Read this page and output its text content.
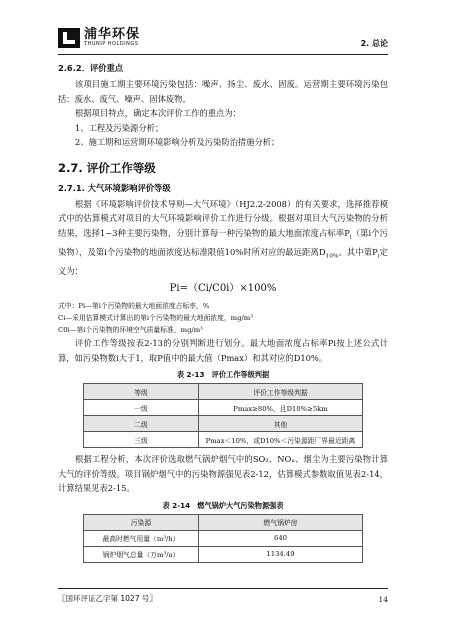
浦华环保
THUNIP HOLDINGS	2. 总论
2.6.2．评价重点

该项目施工期主要环境污染包括：噪声、扬尘、废水、固废。运营期主要环境污染包括：废水、废气、噪声、固体废物。

根据项目特点，确定本次评价工作的重点为：

1、工程及污染源分析；

2、施工期和运营期环境影响分析及污染防治措施分析；

2.7. 评价工作等级
2.7.1. 大气环境影响评价等级

根据《环境影响评价技术导则—大气环境》（HJ2.2-2008）的有关要求，选择推荐模式中的估算模式对项目的大气环境影响评价工作进行分级。根据对项目大气污染物的分析结果，选择1~3种主要污染物，分别计算每一种污染物的最大地面浓度占标率$P_i$（第i个污染物），及第i个污染物的地面浓度达标准限值10%时所对应的最远距离$D_{10\%}$。其中第$P_i$定义为：

Pi=（Ci/C0i）×100%

式中：Pi—第i个污染物的最大地面浓度占标率，%

Ci—采用估算模式计算出的第i个污染物的最大地面浓度，mg/m³

C0i—第i个污染物的环境空气质量标准，mg/m³

评价工作等级按表2-13的分别判断进行划分。最大地面浓度占标率Pi按上述公式计算，如污染物数i大于1，取P值中的最大值（Pmax）和其对应的D10%。

表 2-13　评价工作等级判据
等级	评价工作等级判据
一级	Pmax≥80%，且D10%≥5km
二级	其他
三级	Pmax＜10%，或D10%＜污染源距厂界最近距离

根据工程分析，本次评价选取燃气锅炉烟气中的SO₂、NOₓ、烟尘为主要污染物计算大气的评价等级。项目锅炉烟气中的污染物源强见表2-12，估算模式参数取值见表2-14，计算结果见表2-15。

表 2-14　燃气锅炉大气污染物源强表
污染源	燃气锅炉房
最高时燃气用量（m³/h）	640
锅炉烟气总量（万m³/a）	1134.49
〖国环评证乙字第 1027 号〗	14
